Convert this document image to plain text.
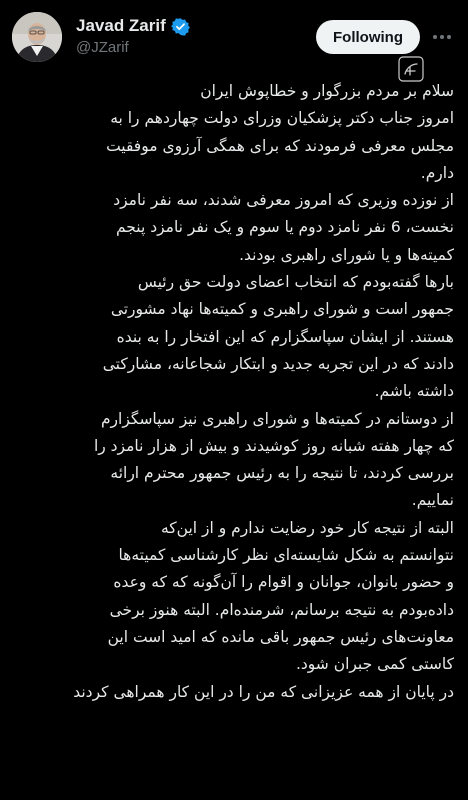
Javad Zarif
@JZarif
Following
سلام بر مردم بزرگوار و خطاپوش ایران
امروز جناب دکتر پزشکیان وزرای دولت چهاردهم را به
مجلس معرفی فرمودند که برای همگی آرزوی موفقیت
دارم.
از نوزده وزیری که امروز معرفی شدند، سه نفر نامزد
نخست، 6 نفر نامزد دوم یا سوم و یک نفر نامزد پنجم
کمیته‌ها و یا شورای راهبری بودند.
بارها گفته‌بودم که انتخاب اعضای دولت حق رئیس
جمهور است و شورای راهبری و کمیته‌ها نهاد مشورتی
هستند. از ایشان سپاسگزارم که این افتخار را به بنده
دادند که در این تجربه جدید و ابتکار شجاعانه، مشارکتی
داشته باشم.
از دوستانم در کمیته‌ها و شورای راهبری نیز سپاسگزارم
که چهار هفته شبانه روز کوشیدند و بیش از هزار نامزد را
بررسی کردند، تا نتیجه را به رئیس جمهور محترم ارائه
نماییم.
البته از نتیجه کار خود رضایت ندارم و از این‌که
نتوانستم به شکل شایسته‌ای نظر کارشناسی کمیته‌ها
و حضور بانوان، جوانان و اقوام را آن‌گونه که که وعده
داده‌بودم به نتیجه برسانم، شرمنده‌ام. البته هنوز برخی
معاونت‌های رئیس جمهور باقی مانده که امید است این
کاستی کمی جبران شود.
در پایان از همه عزیزانی که من را در این کار همراهی کردند
